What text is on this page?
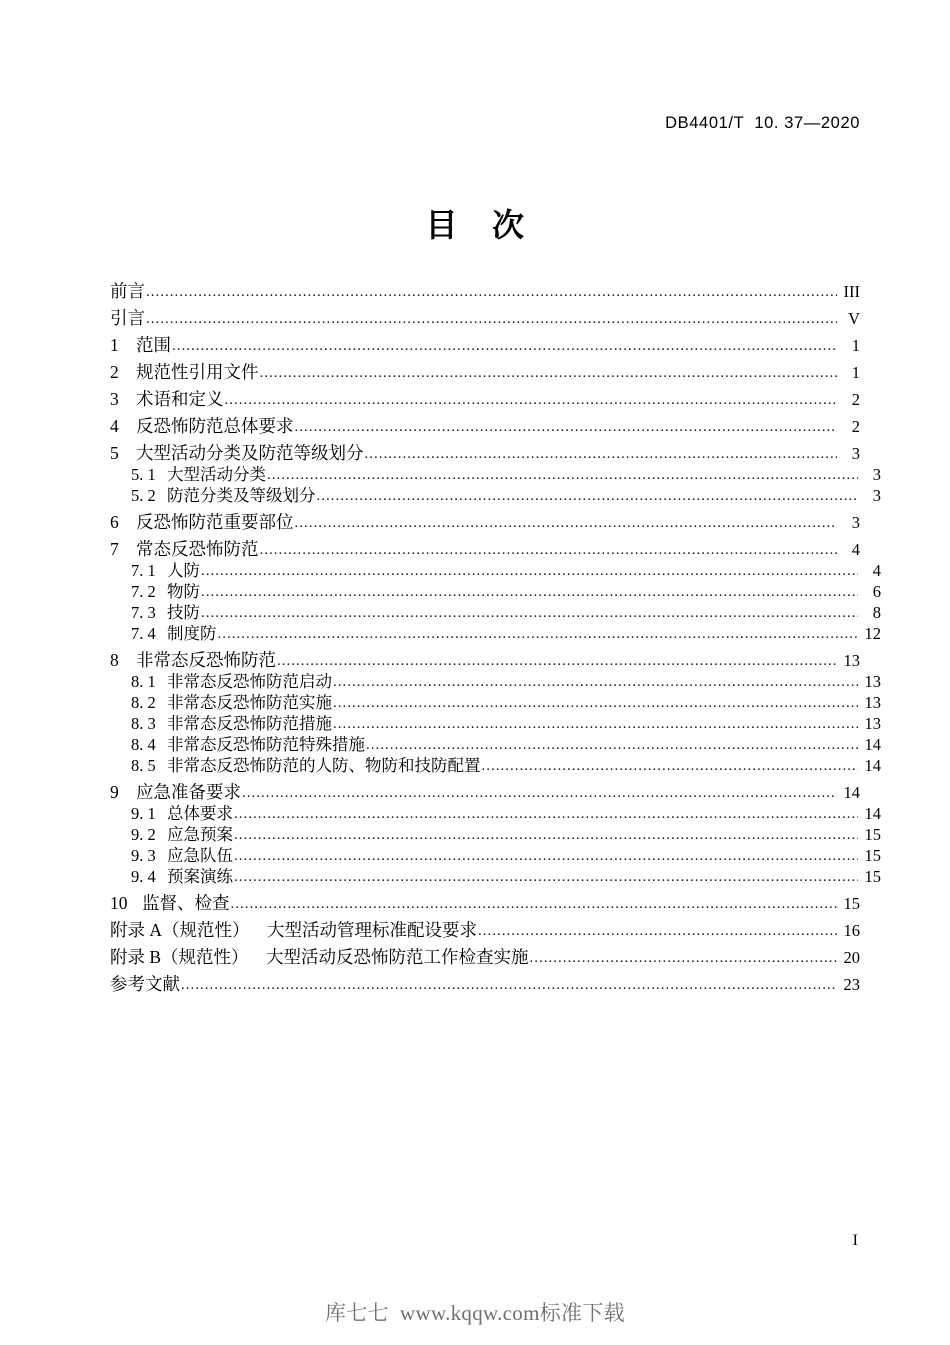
DB4401/T  10. 37—2020
目    次
前言 .....	III
引言 .....	V
1 范围 .....	1
2 规范性引用文件 .....	1
3 术语和定义 .....	2
4 反恐怖防范总体要求 .....	2
5 大型活动分类及防范等级划分 .....	3
5. 1 大型活动分类 .....	3
5. 2 防范分类及等级划分 .....	3
6 反恐怖防范重要部位 .....	3
7 常态反恐怖防范 .....	4
7. 1 人防 .....	4
7. 2 物防 .....	6
7. 3 技防 .....	8
7. 4 制度防 .....	12
8 非常态反恐怖防范 .....	13
8. 1 非常态反恐怖防范启动 .....	13
8. 2 非常态反恐怖防范实施 .....	13
8. 3 非常态反恐怖防范措施 .....	13
8. 4 非常态反恐怖防范特殊措施 .....	14
8. 5 非常态反恐怖防范的人防、物防和技防配置 .....	14
9 应急准备要求 .....	14
9. 1 总体要求 .....	14
9. 2 应急预案 .....	15
9. 3 应急队伍 .....	15
9. 4 预案演练 .....	15
10 监督、检查 .....	15
附录 A（规范性）    大型活动管理标准配设要求 .....	16
附录 B（规范性）    大型活动反恐怖防范工作检查实施 .....	20
参考文献 .....	23
I
库七七  www.kqqw.com标准下载
